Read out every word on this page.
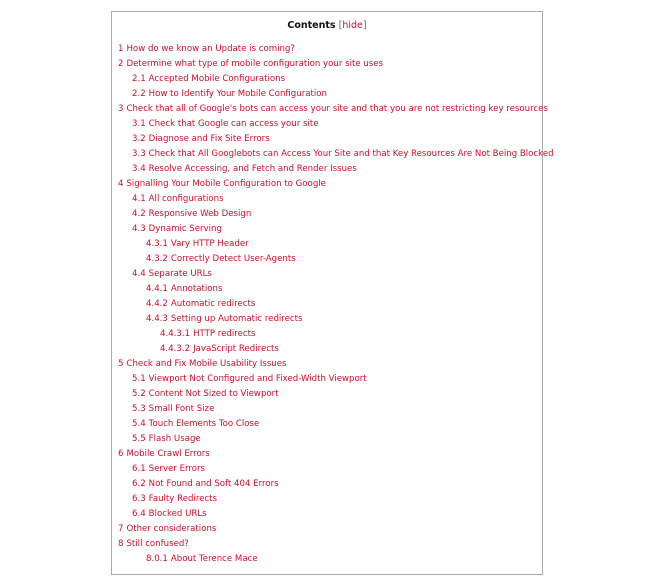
Contents [hide]
1 How do we know an Update is coming?
2 Determine what type of mobile configuration your site uses
2.1 Accepted Mobile Configurations
2.2 How to Identify Your Mobile Configuration
3 Check that all of Google's bots can access your site and that you are not restricting key resources
3.1 Check that Google can access your site
3.2 Diagnose and Fix Site Errors
3.3 Check that All Googlebots can Access Your Site and that Key Resources Are Not Being Blocked
3.4 Resolve Accessing, and Fetch and Render Issues
4 Signalling Your Mobile Configuration to Google
4.1 All configurations
4.2 Responsive Web Design
4.3 Dynamic Serving
4.3.1 Vary HTTP Header
4.3.2 Correctly Detect User-Agents
4.4 Separate URLs
4.4.1 Annotations
4.4.2 Automatic redirects
4.4.3 Setting up Automatic redirects
4.4.3.1 HTTP redirects
4.4.3.2 JavaScript Redirects
5 Check and Fix Mobile Usability Issues
5.1 Viewport Not Configured and Fixed-Width Viewport
5.2 Content Not Sized to Viewport
5.3 Small Font Size
5.4 Touch Elements Too Close
5.5 Flash Usage
6 Mobile Crawl Errors
6.1 Server Errors
6.2 Not Found and Soft 404 Errors
6.3 Faulty Redirects
6.4 Blocked URLs
7 Other considerations
8 Still confused?
8.0.1 About Terence Mace
